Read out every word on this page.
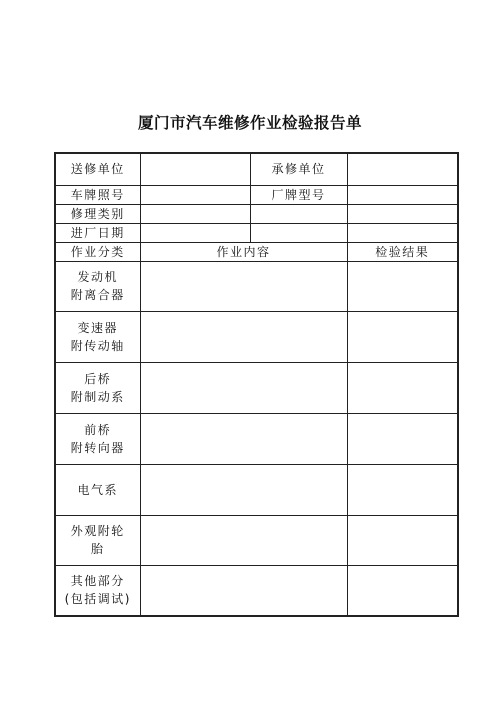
厦门市汽车维修作业检验报告单
送修单位		承修单位	
车牌照号		厂牌型号	
修理类别			
进厂日期			
作业分类	作业内容		检验结果

发动机
附离合器			

变速器
附传动轴			

后桥
附制动系			

前桥
附转向器			

电气系			

外观附轮
胎			

其他部分
(包括调试)			
